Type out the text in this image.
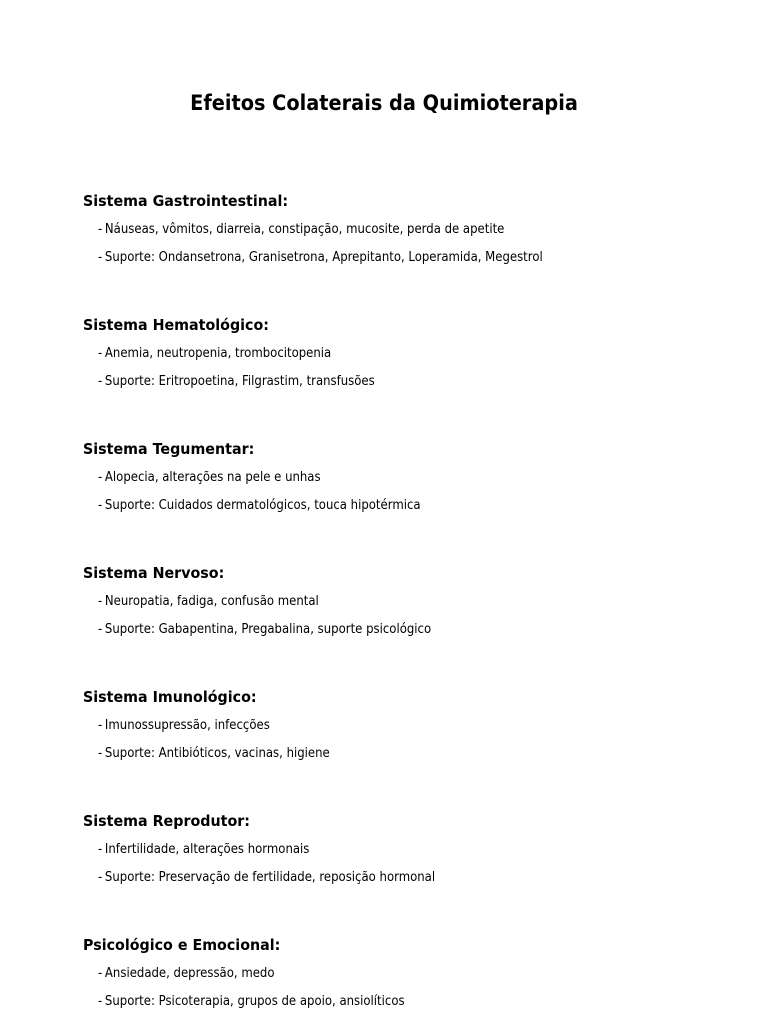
Efeitos Colaterais da Quimioterapia
Sistema Gastrointestinal:
- Náuseas, vômitos, diarreia, constipação, mucosite, perda de apetite
- Suporte: Ondansetrona, Granisetrona, Aprepitanto, Loperamida, Megestrol
Sistema Hematológico:
- Anemia, neutropenia, trombocitopenia
- Suporte: Eritropoetina, Filgrastim, transfusões
Sistema Tegumentar:
- Alopecia, alterações na pele e unhas
- Suporte: Cuidados dermatológicos, touca hipotérmica
Sistema Nervoso:
- Neuropatia, fadiga, confusão mental
- Suporte: Gabapentina, Pregabalina, suporte psicológico
Sistema Imunológico:
- Imunossupressão, infecções
- Suporte: Antibióticos, vacinas, higiene
Sistema Reprodutor:
- Infertilidade, alterações hormonais
- Suporte: Preservação de fertilidade, reposição hormonal
Psicológico e Emocional:
- Ansiedade, depressão, medo
- Suporte: Psicoterapia, grupos de apoio, ansiolíticos
